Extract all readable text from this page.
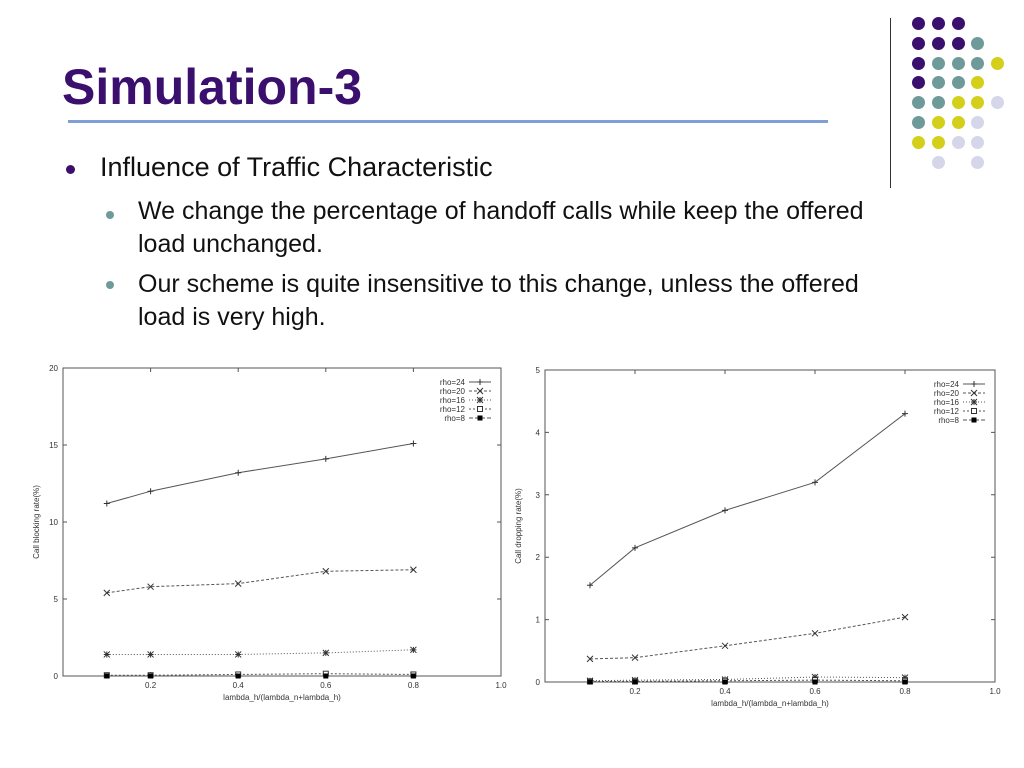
Simulation-3
Influence of Traffic Characteristic
We change the percentage of handoff calls while keep the offered load unchanged.
Our scheme is quite insensitive to this change, unless the offered load is very high.
0
5
10
15
20
0.2	0.4	0.6	0.8	1.0
lambda_h/(lambda_n+lambda_h)
Call blocking rate(%)
rho=24
rho=20
rho=16
rho=12
rho=8
0
1
2
3
4
5
0.2	0.4	0.6	0.8	1.0
lambda_h/(lambda_n+lambda_h)
Call dropping rate(%)
rho=24
rho=20
rho=16
rho=12
rho=8
